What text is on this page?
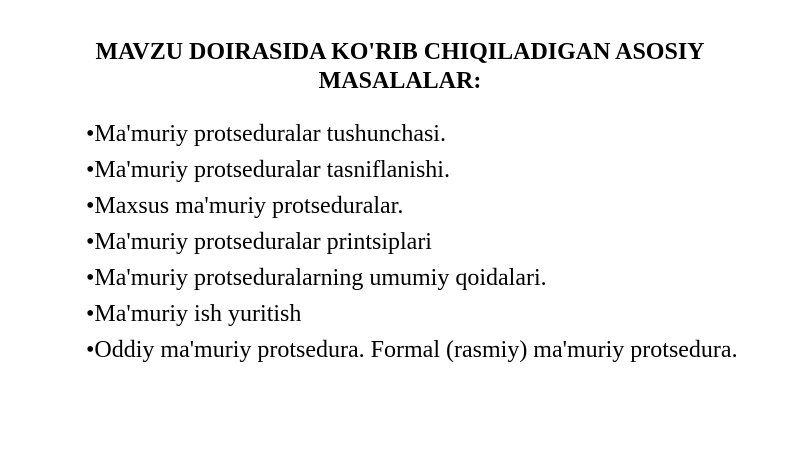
MAVZU DOIRASIDA KO'RIB CHIQILADIGAN ASOSIY MASALALAR:
•Ma'muriy protseduralar tushunchasi.
•Ma'muriy protseduralar tasniflanishi.
•Maxsus ma'muriy protseduralar.
•Ma'muriy protseduralar printsiplari
•Ma'muriy protseduralarning umumiy qoidalari.
•Ma'muriy ish yuritish
•Oddiy ma'muriy protsedura. Formal (rasmiy) ma'muriy protsedura.
